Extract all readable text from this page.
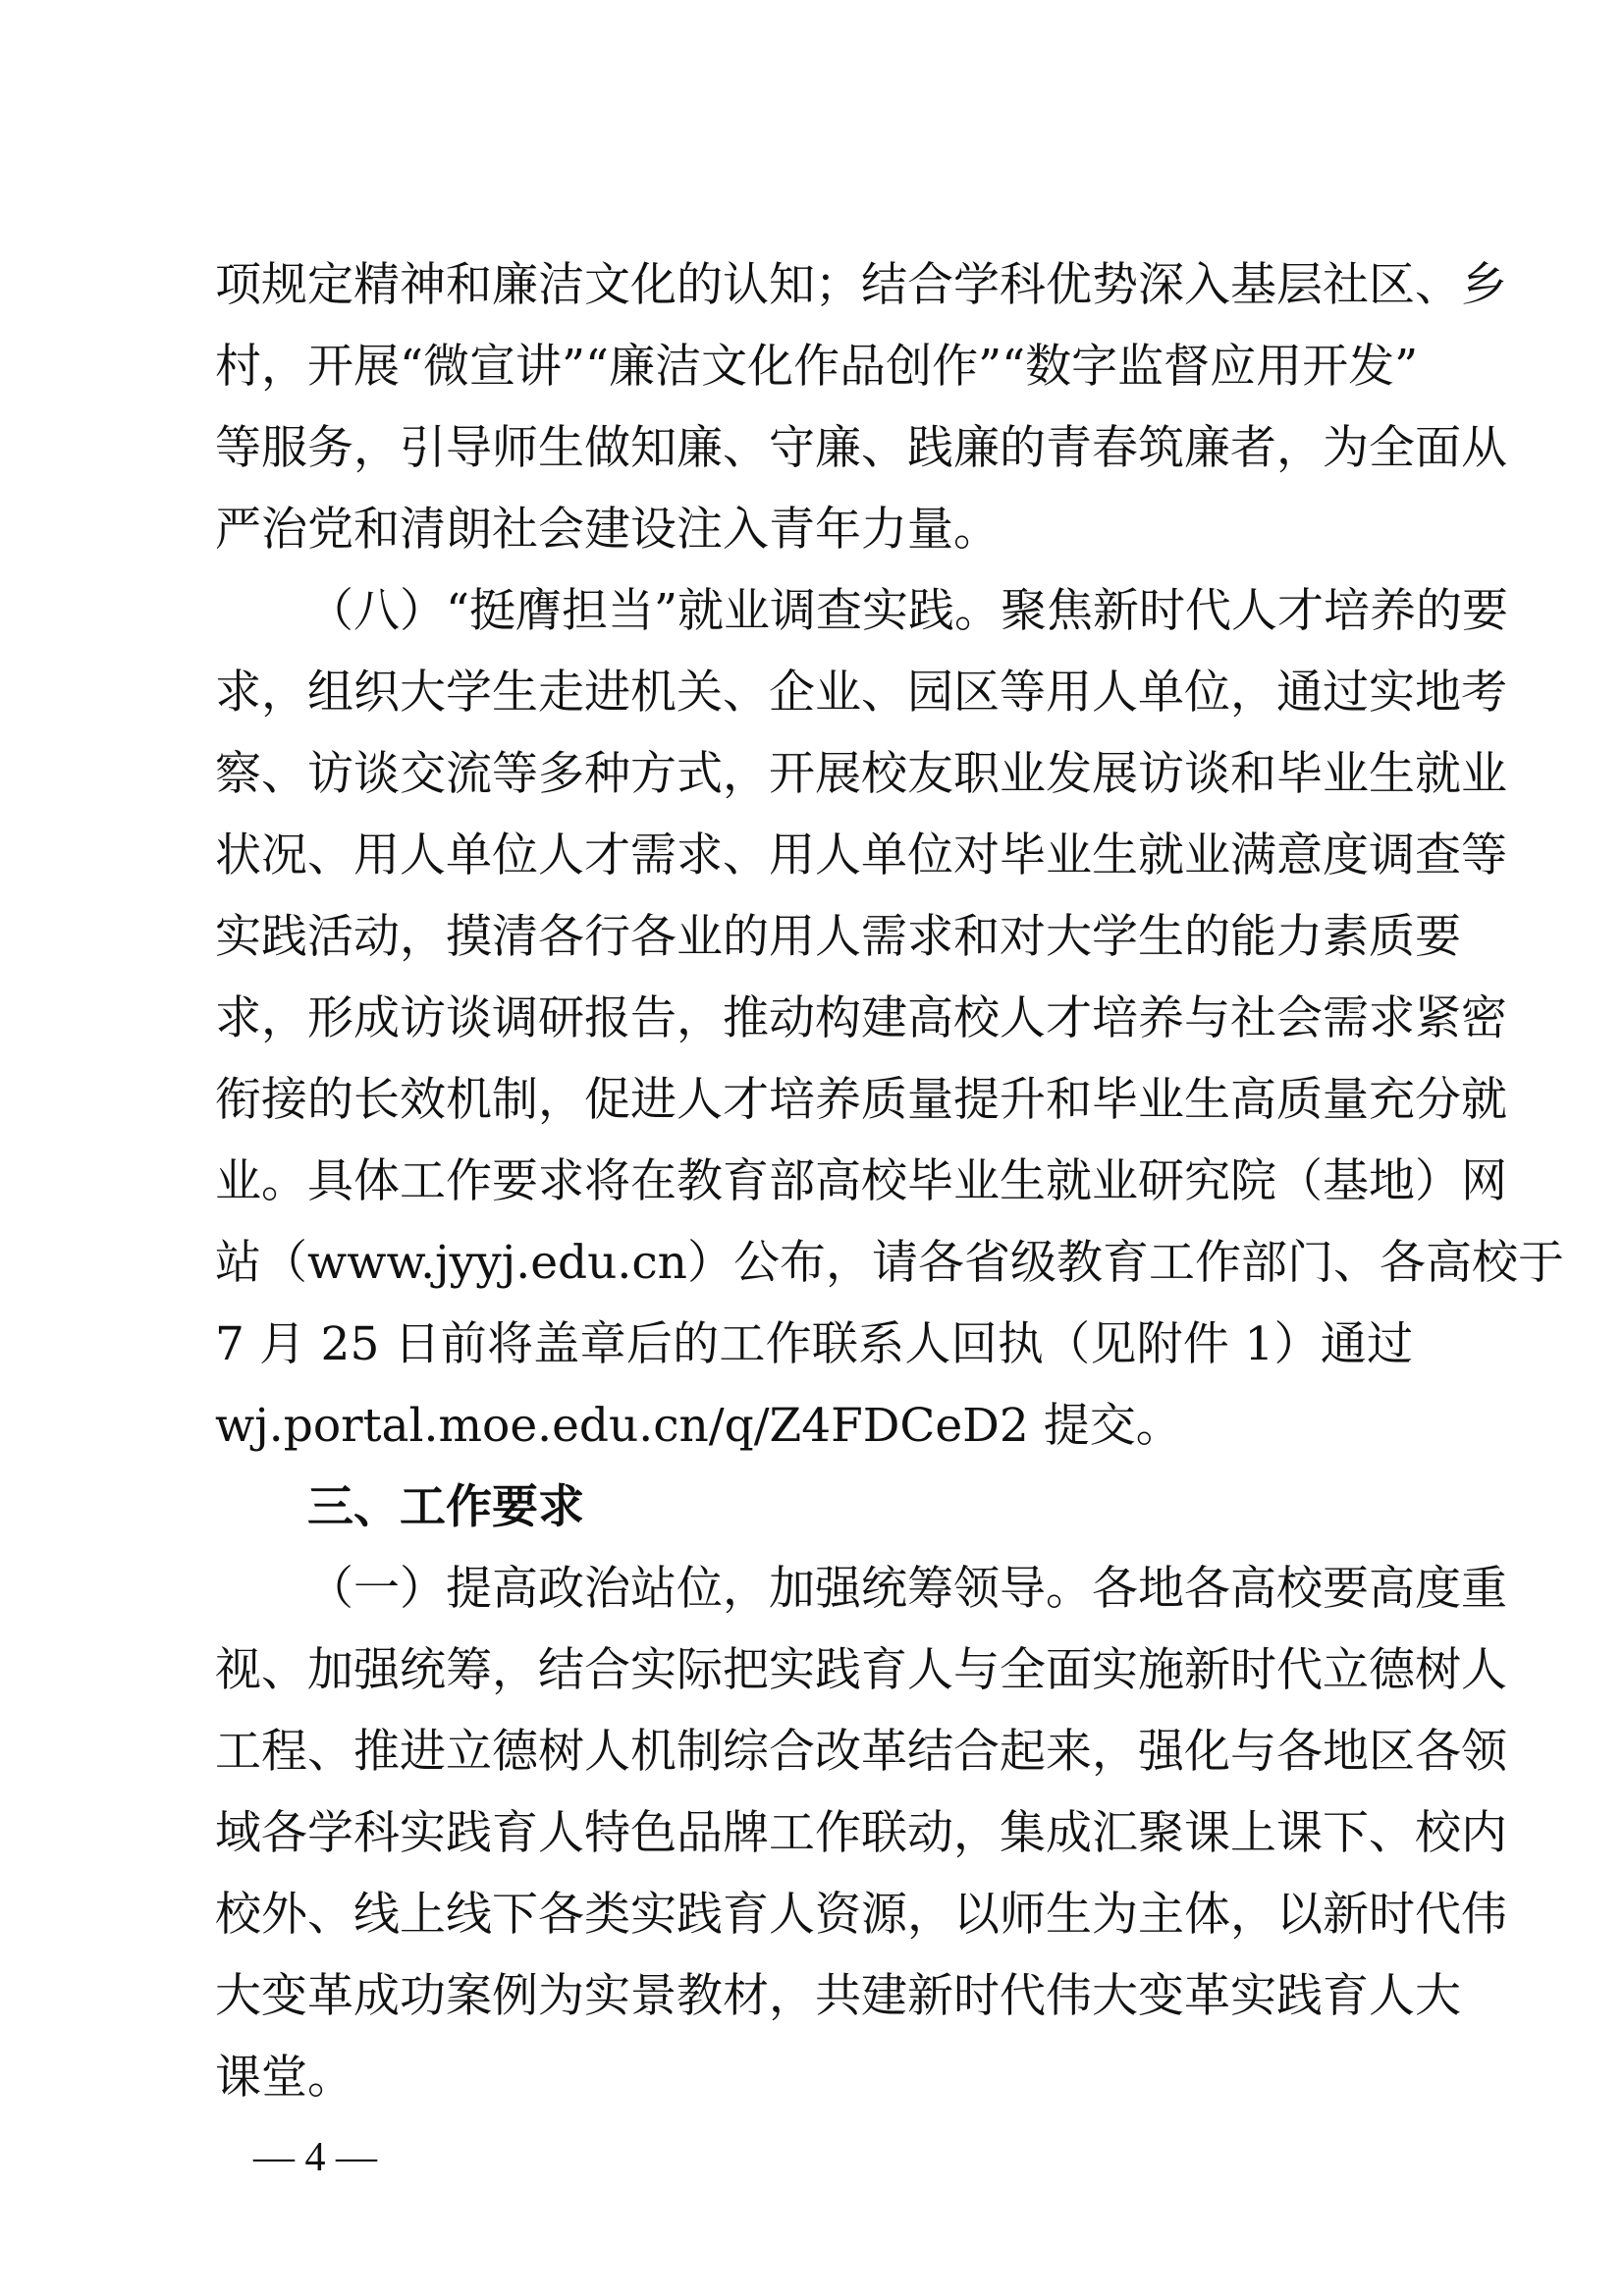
项规定精神和廉洁文化的认知；结合学科优势深入基层社区、乡
村，开展“微宣讲”“廉洁文化作品创作”“数字监督应用开发”
等服务，引导师生做知廉、守廉、践廉的青春筑廉者，为全面从
严治党和清朗社会建设注入青年力量。
（八）“挺膺担当”就业调查实践。聚焦新时代人才培养的要
求，组织大学生走进机关、企业、园区等用人单位，通过实地考
察、访谈交流等多种方式，开展校友职业发展访谈和毕业生就业
状况、用人单位人才需求、用人单位对毕业生就业满意度调查等
实践活动，摸清各行各业的用人需求和对大学生的能力素质要
求，形成访谈调研报告，推动构建高校人才培养与社会需求紧密
衔接的长效机制，促进人才培养质量提升和毕业生高质量充分就
业。具体工作要求将在教育部高校毕业生就业研究院（基地）网
站（www.jyyj.edu.cn）公布，请各省级教育工作部门、各高校于
7 月 25 日前将盖章后的工作联系人回执（见附件 1）通过
wj.portal.moe.edu.cn/q/Z4FDCeD2 提交。
三、工作要求
（一）提高政治站位，加强统筹领导。各地各高校要高度重
视、加强统筹，结合实际把实践育人与全面实施新时代立德树人
工程、推进立德树人机制综合改革结合起来，强化与各地区各领
域各学科实践育人特色品牌工作联动，集成汇聚课上课下、校内
校外、线上线下各类实践育人资源，以师生为主体，以新时代伟
大变革成功案例为实景教材，共建新时代伟大变革实践育人大
课堂。
— 4 —
